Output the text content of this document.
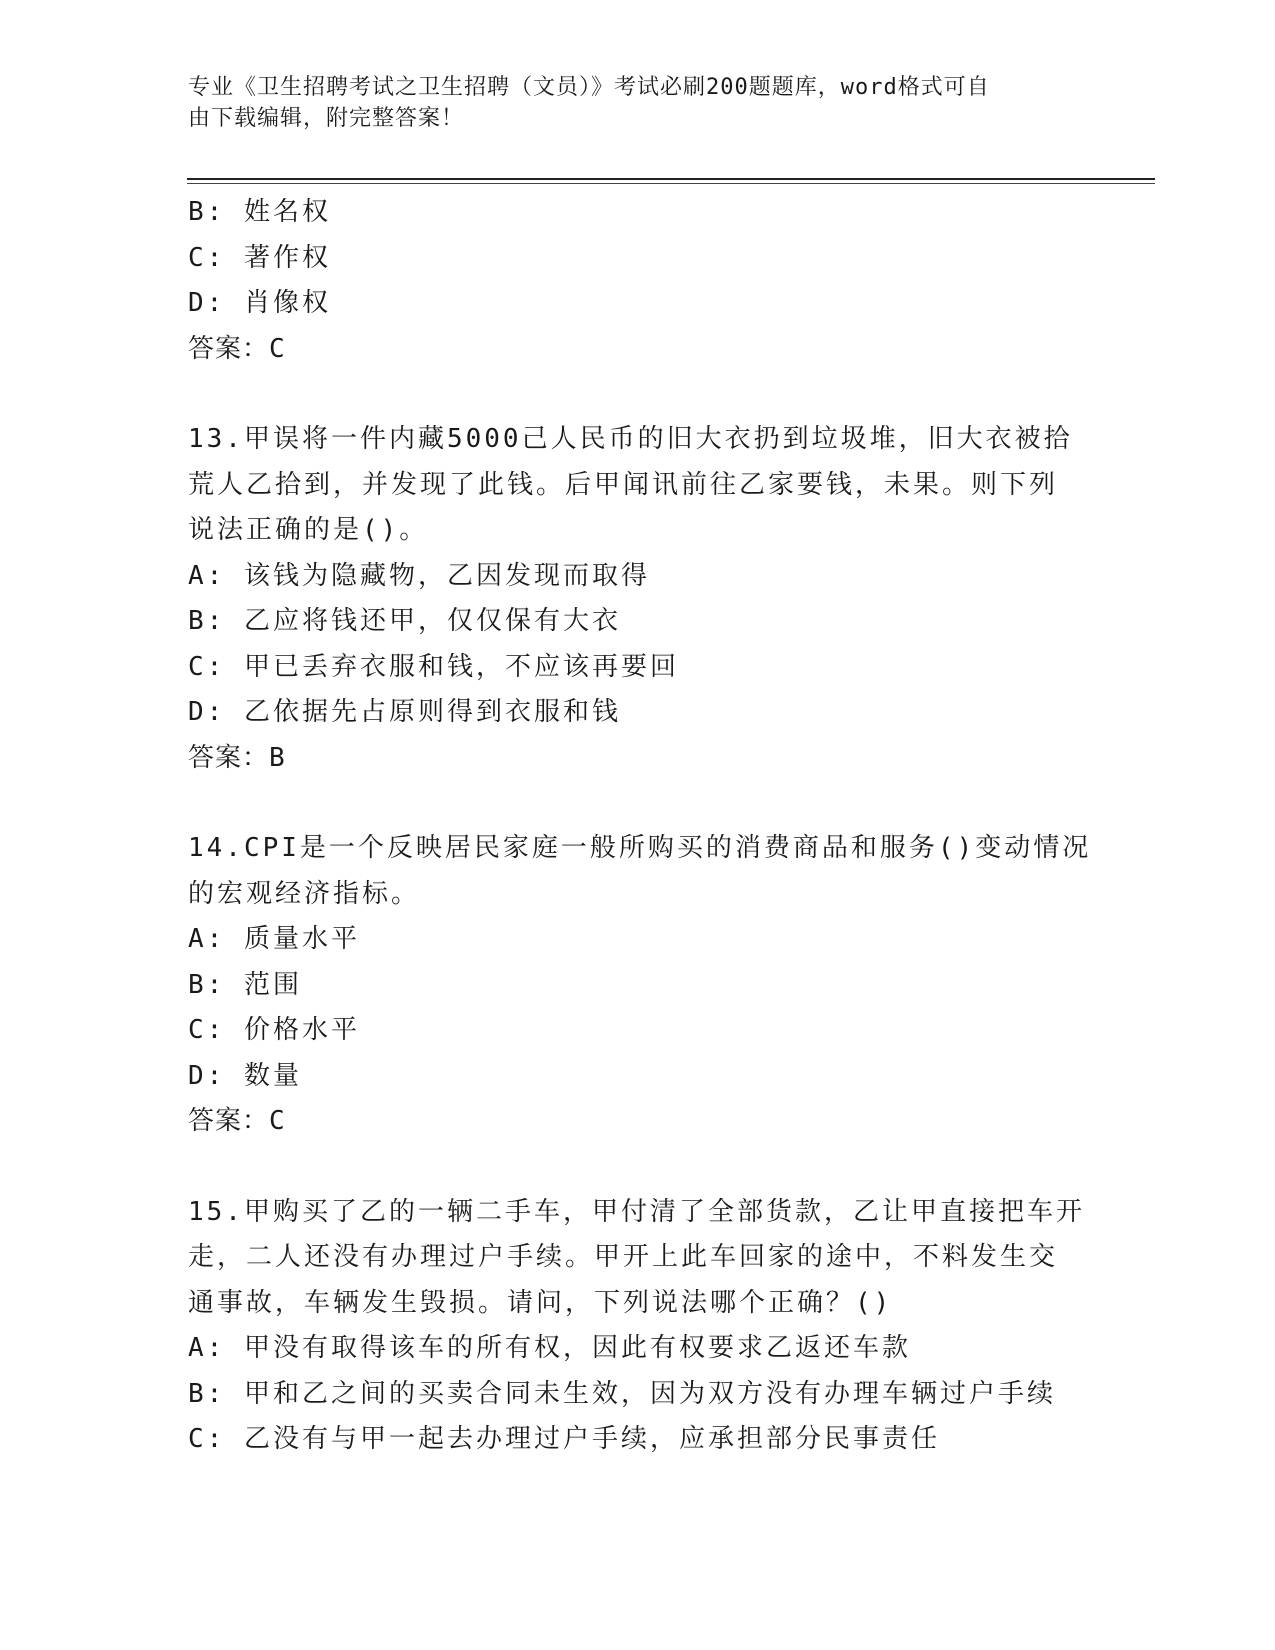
专业《卫生招聘考试之卫生招聘（文员）》考试必刷200题题库，word格式可自
由下载编辑，附完整答案！
B: 姓名权
C: 著作权
D: 肖像权
答案：C
13.甲误将一件内藏5000己人民币的旧大衣扔到垃圾堆，旧大衣被拾
荒人乙拾到，并发现了此钱。后甲闻讯前往乙家要钱，未果。则下列
说法正确的是()。
A: 该钱为隐藏物，乙因发现而取得
B: 乙应将钱还甲，仅仅保有大衣
C: 甲已丢弃衣服和钱，不应该再要回
D: 乙依据先占原则得到衣服和钱
答案：B
14.CPI是一个反映居民家庭一般所购买的消费商品和服务()变动情况
的宏观经济指标。
A: 质量水平
B: 范围
C: 价格水平
D: 数量
答案：C
15.甲购买了乙的一辆二手车，甲付清了全部货款，乙让甲直接把车开
走，二人还没有办理过户手续。甲开上此车回家的途中，不料发生交
通事故，车辆发生毁损。请问，下列说法哪个正确？()
A: 甲没有取得该车的所有权，因此有权要求乙返还车款
B: 甲和乙之间的买卖合同未生效，因为双方没有办理车辆过户手续
C: 乙没有与甲一起去办理过户手续，应承担部分民事责任
